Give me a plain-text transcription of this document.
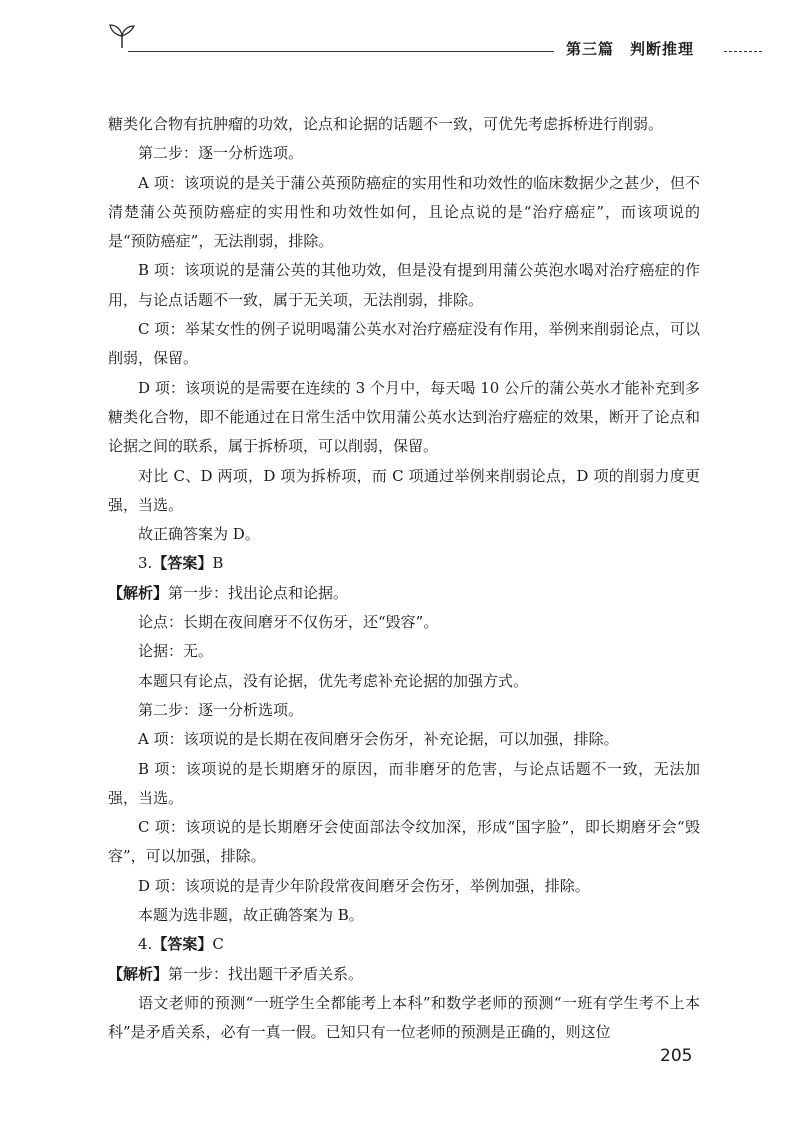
第三篇　判断推理
糖类化合物有抗肿瘤的功效，论点和论据的话题不一致，可优先考虑拆桥进行削弱。
第二步：逐一分析选项。
A 项：该项说的是关于蒲公英预防癌症的实用性和功效性的临床数据少之甚少，但不清楚蒲公英预防癌症的实用性和功效性如何，且论点说的是“治疗癌症”，而该项说的是“预防癌症”，无法削弱，排除。
B 项：该项说的是蒲公英的其他功效，但是没有提到用蒲公英泡水喝对治疗癌症的作用，与论点话题不一致，属于无关项，无法削弱，排除。
C 项：举某女性的例子说明喝蒲公英水对治疗癌症没有作用，举例来削弱论点，可以削弱，保留。
D 项：该项说的是需要在连续的 3 个月中，每天喝 10 公斤的蒲公英水才能补充到多糖类化合物，即不能通过在日常生活中饮用蒲公英水达到治疗癌症的效果，断开了论点和论据之间的联系，属于拆桥项，可以削弱，保留。
对比 C、D 两项，D 项为拆桥项，而 C 项通过举例来削弱论点，D 项的削弱力度更强，当选。
故正确答案为 D。
3.【答案】B
【解析】第一步：找出论点和论据。
论点：长期在夜间磨牙不仅伤牙，还“毁容”。
论据：无。
本题只有论点，没有论据，优先考虑补充论据的加强方式。
第二步：逐一分析选项。
A 项：该项说的是长期在夜间磨牙会伤牙，补充论据，可以加强，排除。
B 项：该项说的是长期磨牙的原因，而非磨牙的危害，与论点话题不一致，无法加强，当选。
C 项：该项说的是长期磨牙会使面部法令纹加深，形成“国字脸”，即长期磨牙会“毁容”，可以加强，排除。
D 项：该项说的是青少年阶段常夜间磨牙会伤牙，举例加强，排除。
本题为选非题，故正确答案为 B。
4.【答案】C
【解析】第一步：找出题干矛盾关系。
语文老师的预测“一班学生全都能考上本科”和数学老师的预测“一班有学生考不上本科”是矛盾关系，必有一真一假。已知只有一位老师的预测是正确的，则这位
205
